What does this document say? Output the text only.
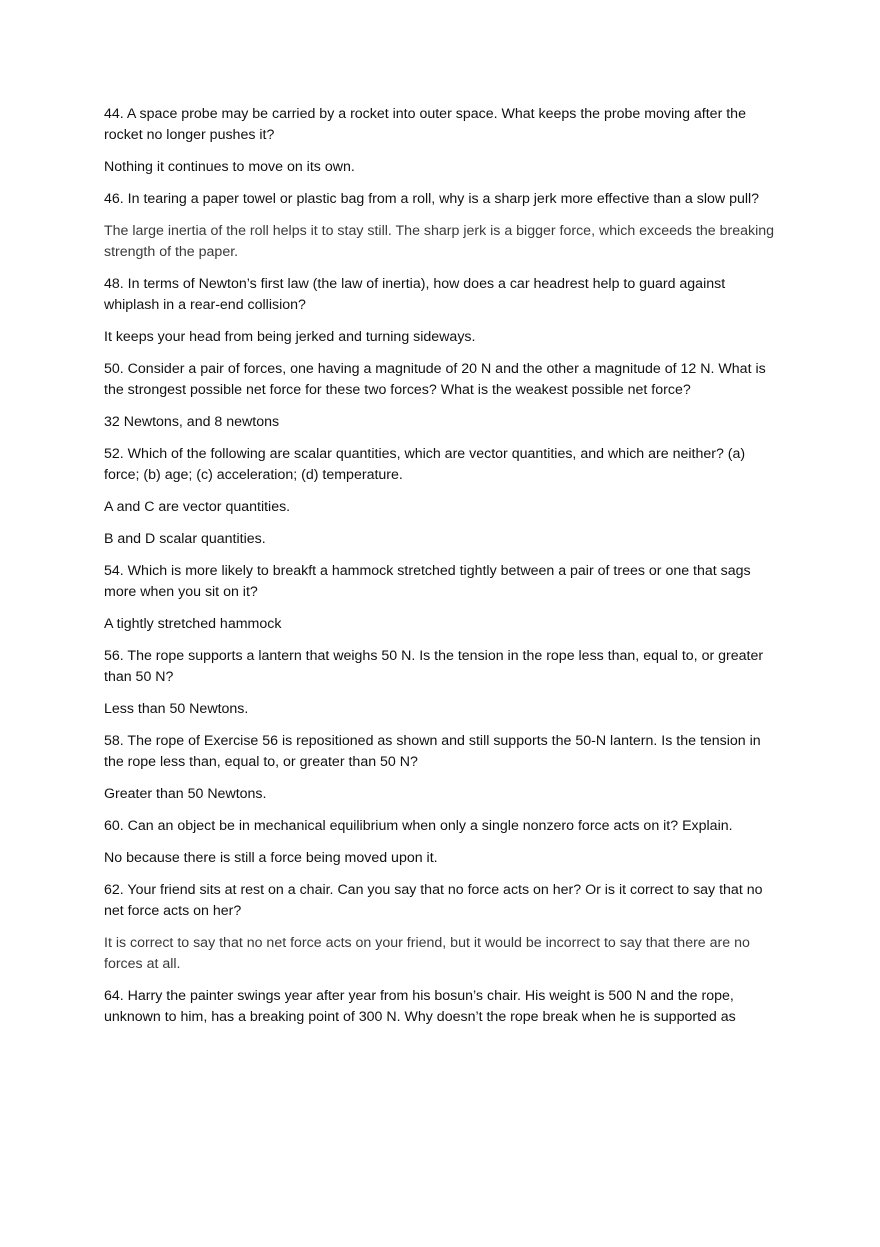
44. A space probe may be carried by a rocket into outer space. What keeps the probe moving after the rocket no longer pushes it?

Nothing it continues to move on its own.

46. In tearing a paper towel or plastic bag from a roll, why is a sharp jerk more effective than a slow pull?

The large inertia of the roll helps it to stay still. The sharp jerk is a bigger force, which exceeds the breaking strength of the paper.

48. In terms of Newton’s first law (the law of inertia), how does a car headrest help to guard against whiplash in a rear-end collision?

It keeps your head from being jerked and turning sideways.

50. Consider a pair of forces, one having a magnitude of 20 N and the other a magnitude of 12 N. What is the strongest possible net force for these two forces? What is the weakest possible net force?

32 Newtons, and 8 newtons

52. Which of the following are scalar quantities, which are vector quantities, and which are neither? (a) force; (b) age; (c) acceleration; (d) temperature.

A and C are vector quantities.

B and D scalar quantities.

54. Which is more likely to breakft a hammock stretched tightly between a pair of trees or one that sags more when you sit on it?

A tightly stretched hammock

56. The rope supports a lantern that weighs 50 N. Is the tension in the rope less than, equal to, or greater than 50 N?

Less than 50 Newtons.

58. The rope of Exercise 56 is repositioned as shown and still supports the 50-N lantern. Is the tension in the rope less than, equal to, or greater than 50 N?

Greater than 50 Newtons.

60. Can an object be in mechanical equilibrium when only a single nonzero force acts on it? Explain.

No because there is still a force being moved upon it.

62. Your friend sits at rest on a chair. Can you say that no force acts on her? Or is it correct to say that no net force acts on her?

It is correct to say that no net force acts on your friend, but it would be incorrect to say that there are no forces at all.

64. Harry the painter swings year after year from his bosun’s chair. His weight is 500 N and the rope, unknown to him, has a breaking point of 300 N. Why doesn’t the rope break when he is supported as
